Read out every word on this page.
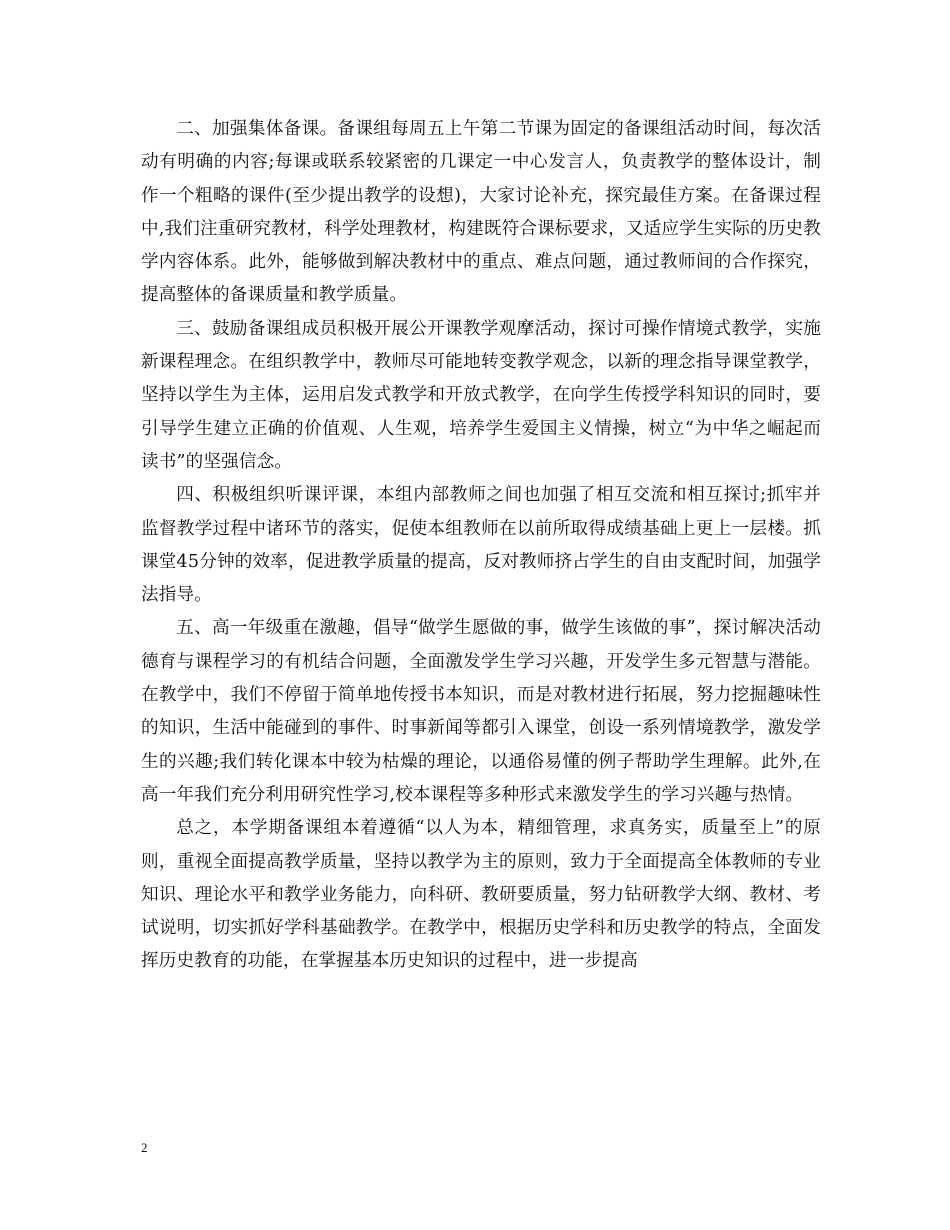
二、加强集体备课。备课组每周五上午第二节课为固定的备课组活动时间，每次活动有明确的内容;每课或联系较紧密的几课定一中心发言人，负责教学的整体设计，制作一个粗略的课件(至少提出教学的设想)，大家讨论补充，探究最佳方案。在备课过程中,我们注重研究教材，科学处理教材，构建既符合课标要求，又适应学生实际的历史教学内容体系。此外，能够做到解决教材中的重点、难点问题，通过教师间的合作探究，提高整体的备课质量和教学质量。

三、鼓励备课组成员积极开展公开课教学观摩活动，探讨可操作情境式教学，实施新课程理念。在组织教学中，教师尽可能地转变教学观念，以新的理念指导课堂教学，坚持以学生为主体，运用启发式教学和开放式教学，在向学生传授学科知识的同时，要引导学生建立正确的价值观、人生观，培养学生爱国主义情操，树立“为中华之崛起而读书”的坚强信念。

四、积极组织听课评课，本组内部教师之间也加强了相互交流和相互探讨;抓牢并监督教学过程中诸环节的落实，促使本组教师在以前所取得成绩基础上更上一层楼。抓课堂45分钟的效率，促进教学质量的提高，反对教师挤占学生的自由支配时间，加强学法指导。

五、高一年级重在激趣，倡导“做学生愿做的事，做学生该做的事”，探讨解决活动德育与课程学习的有机结合问题，全面激发学生学习兴趣，开发学生多元智慧与潜能。在教学中，我们不停留于简单地传授书本知识，而是对教材进行拓展，努力挖掘趣味性的知识，生活中能碰到的事件、时事新闻等都引入课堂，创设一系列情境教学，激发学生的兴趣;我们转化课本中较为枯燥的理论，以通俗易懂的例子帮助学生理解。此外,在高一年我们充分利用研究性学习,校本课程等多种形式来激发学生的学习兴趣与热情。

总之，本学期备课组本着遵循“以人为本，精细管理，求真务实，质量至上”的原则，重视全面提高教学质量，坚持以教学为主的原则，致力于全面提高全体教师的专业知识、理论水平和教学业务能力，向科研、教研要质量，努力钻研教学大纲、教材、考试说明，切实抓好学科基础教学。在教学中，根据历史学科和历史教学的特点，全面发挥历史教育的功能，在掌握基本历史知识的过程中，进一步提高

2
